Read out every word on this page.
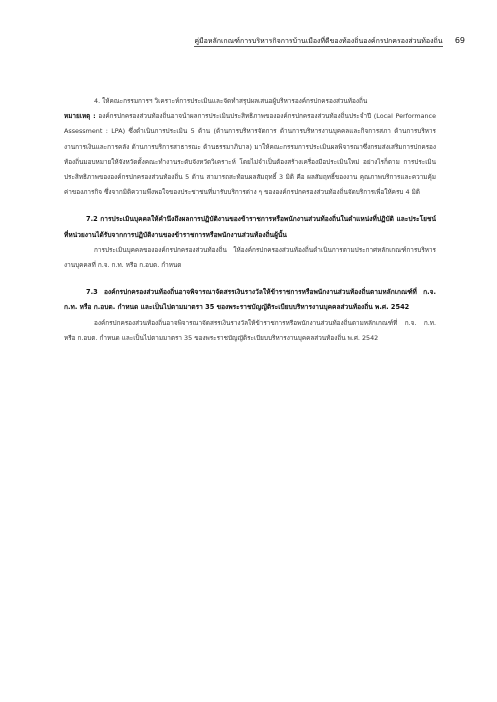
คู่มือหลักเกณฑ์การบริหารกิจการบ้านเมืองที่ดีของท้องถิ่นองค์กรปกครองส่วนท้องถิ่น 69

4. ให้คณะกรรมการฯ วิเคราะห์การประเมินและจัดทำสรุปผลเสนอผู้บริหารองค์กรปกครองส่วนท้องถิ่น

หมายเหตุ : องค์กรปกครองส่วนท้องถิ่นอาจนำผลการประเมินประสิทธิภาพขององค์กรปกครองส่วนท้องถิ่นประจำปี (Local Performance Assessment : LPA) ซึ่งดำเนินการประเมิน 5 ด้าน (ด้านการบริหารจัดการ ด้านการบริหารงานบุคคลและกิจการสภา ด้านการบริหารงานการเงินและการคลัง ด้านการบริการสาธารณะ ด้านธรรมาภิบาล) มาให้คณะกรรมการประเมินผลพิจารณาซึ่งกรมส่งเสริมการปกครองท้องถิ่นมอบหมายให้จังหวัดตั้งคณะทำงานระดับจังหวัดวิเคราะห์ โดยไม่จำเป็นต้องสร้างเครื่องมือประเมินใหม่ อย่างไรก็ตาม การประเมินประสิทธิภาพขององค์กรปกครองส่วนท้องถิ่น 5 ด้าน สามารถสะท้อนผลสัมฤทธิ์ 3 มิติ คือ ผลสัมฤทธิ์ของงาน คุณภาพบริการและความคุ้มค่าของภารกิจ ซึ่งจากมิติความพึงพอใจของประชาชนที่มารับบริการต่าง ๆ ขององค์กรปกครองส่วนท้องถิ่นจัดบริการเพื่อให้ครบ 4 มิติ

7.2 การประเมินบุคคลให้คำนึงถึงผลการปฏิบัติงานของข้าราชการหรือพนักงานส่วนท้องถิ่นในตำแหน่งที่ปฏิบัติ และประโยชน์ที่หน่วยงานได้รับจากการปฏิบัติงานของข้าราชการหรือพนักงานส่วนท้องถิ่นผู้นั้น

การประเมินบุคคลขององค์กรปกครองส่วนท้องถิ่น ให้องค์กรปกครองส่วนท้องถิ่นดำเนินการตามประกาศหลักเกณฑ์การบริหารงานบุคคลที่ ก.จ. ก.ท. หรือ ก.อบต. กำหนด

7.3 องค์กรปกครองส่วนท้องถิ่นอาจพิจารณาจัดสรรเงินรางวัลให้ข้าราชการหรือพนักงานส่วนท้องถิ่นตามหลักเกณฑ์ที่ ก.จ. ก.ท. หรือ ก.อบต. กำหนด และเป็นไปตามมาตรา 35 ของพระราชบัญญัติระเบียบบริหารงานบุคคลส่วนท้องถิ่น พ.ศ. 2542

องค์กรปกครองส่วนท้องถิ่นอาจพิจารณาจัดสรรเงินรางวัลให้ข้าราชการหรือพนักงานส่วนท้องถิ่นตามหลักเกณฑ์ที่ ก.จ. ก.ท. หรือ ก.อบต. กำหนด และเป็นไปตามมาตรา 35 ของพระราชบัญญัติระเบียบบริหารงานบุคคลส่วนท้องถิ่น พ.ศ. 2542
